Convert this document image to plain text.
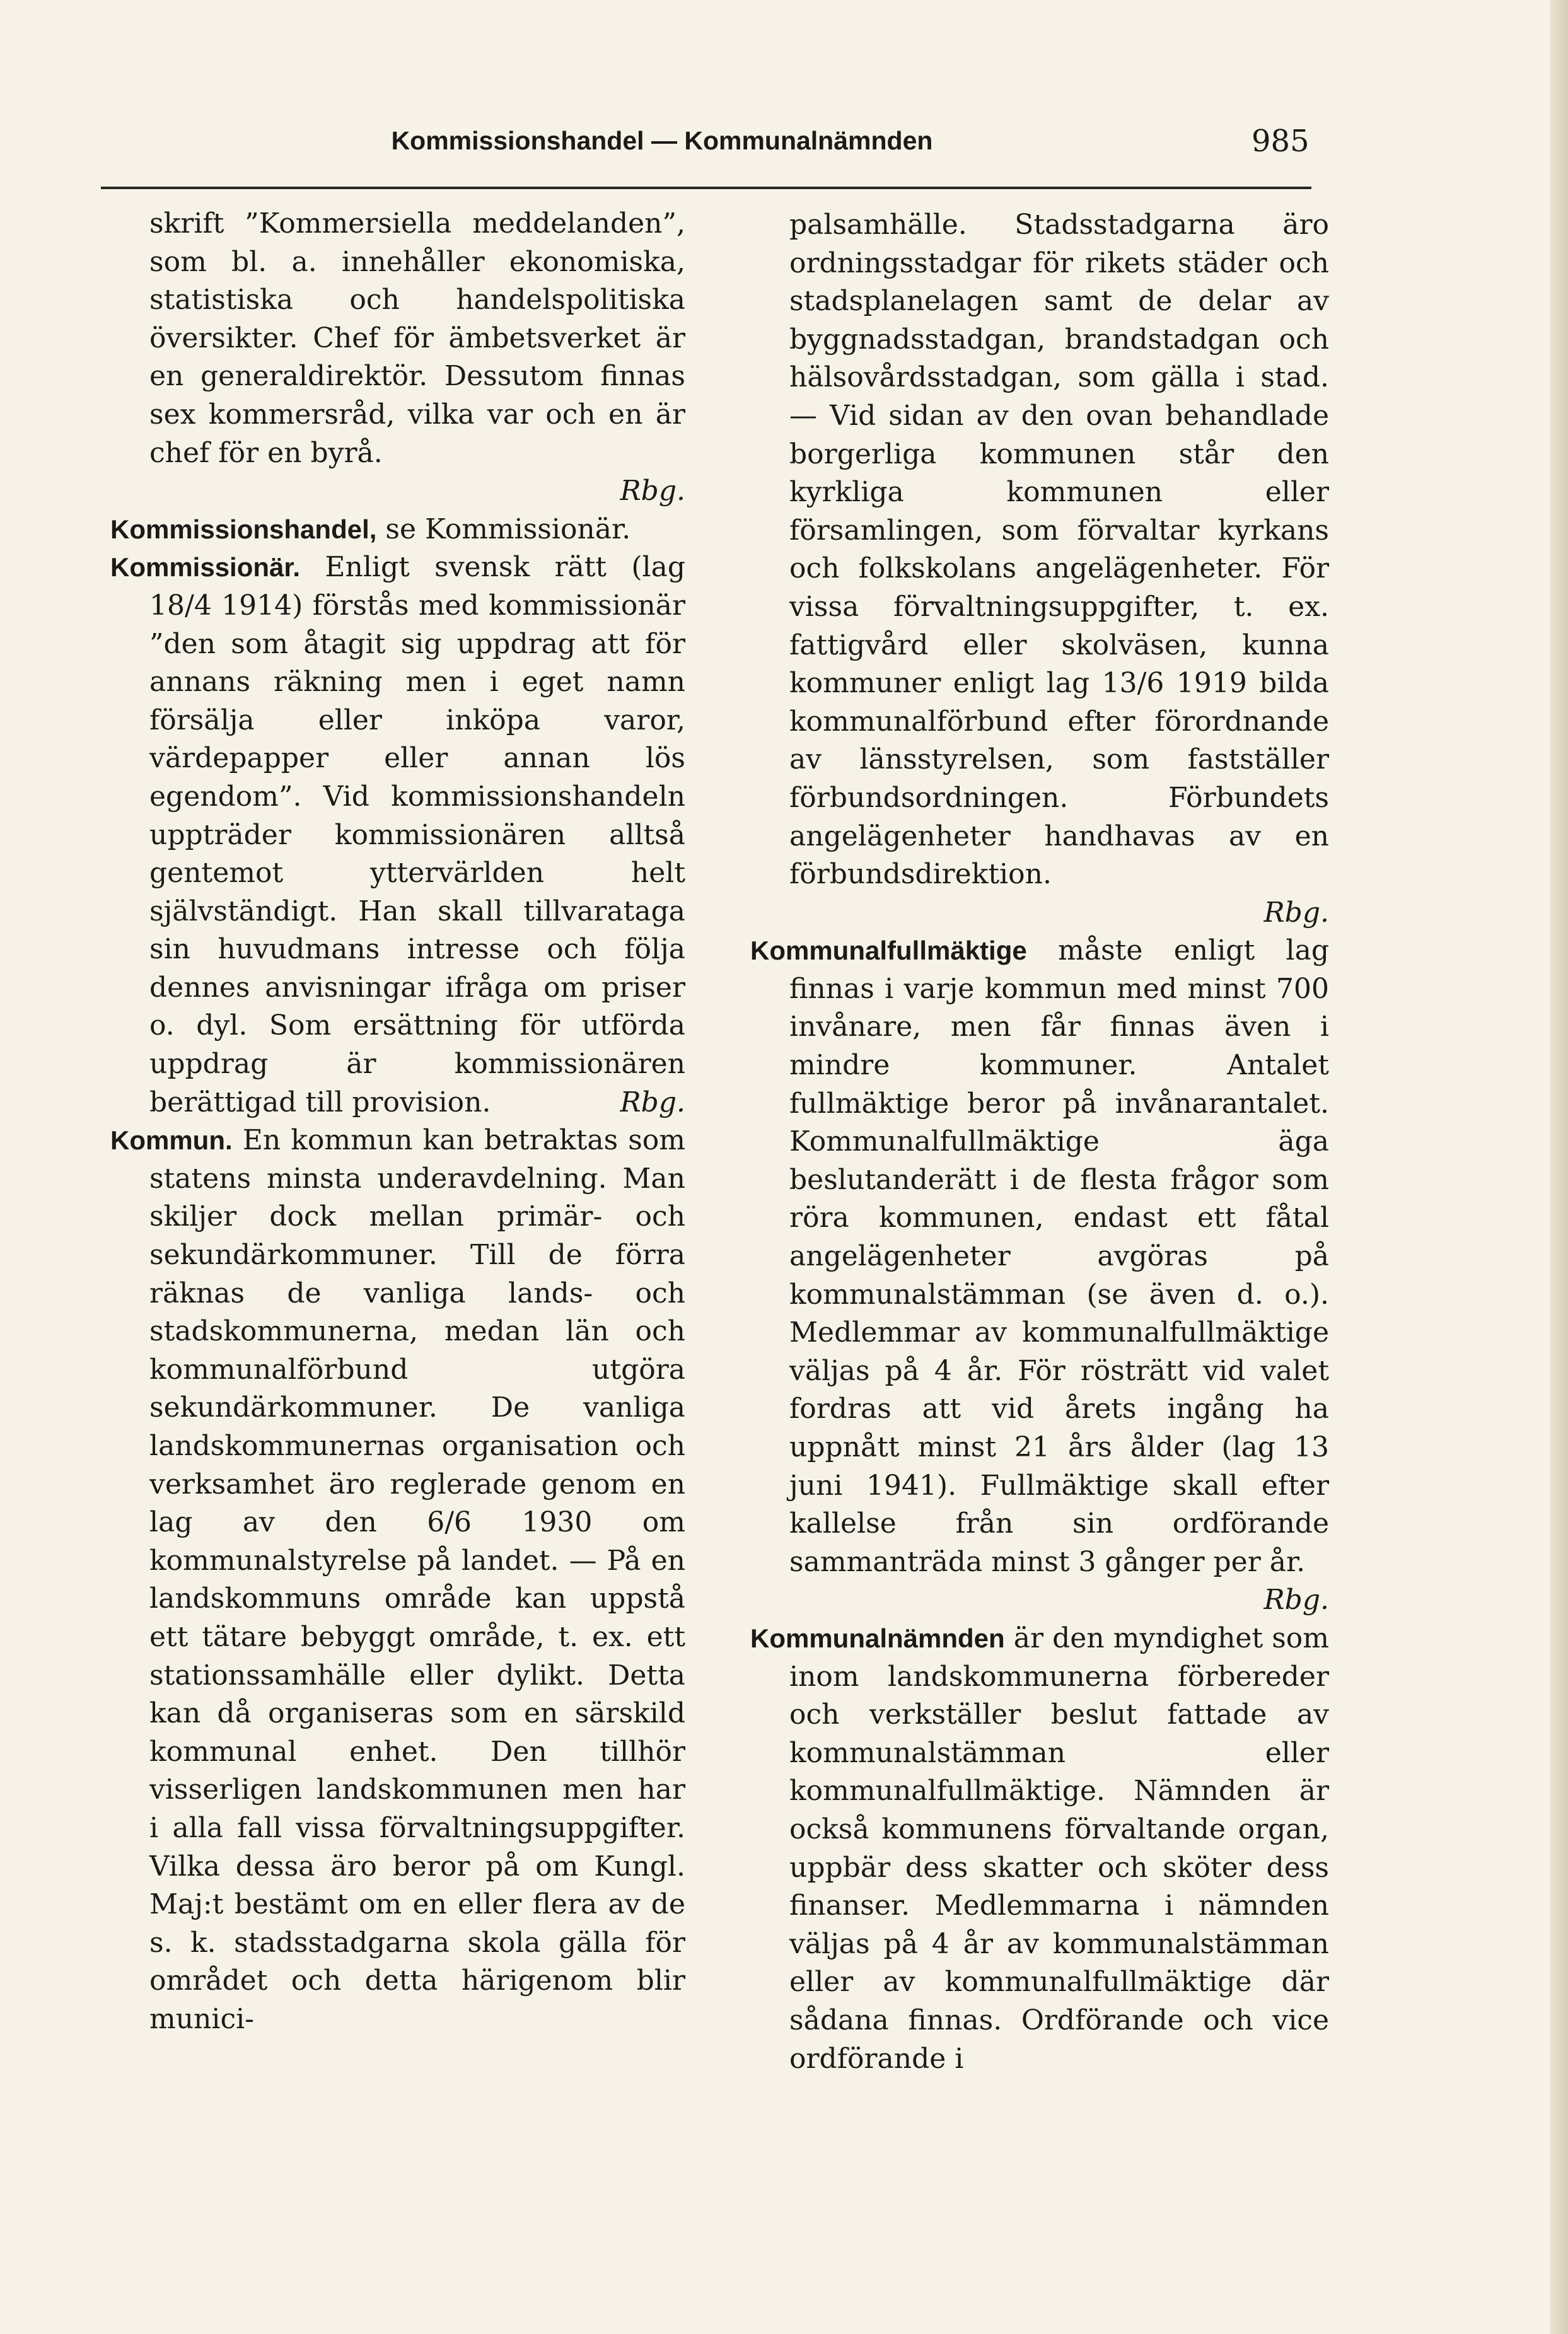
Kommissionshandel — Kommunalnämnden	985

skrift ”Kommersiella meddelanden”, som bl. a. innehåller ekonomiska, statistiska och handelspolitiska översikter. Chef för ämbetsverket är en generaldirektör. Dessutom finnas sex kommersråd, vilka var och en är chef för en byrå.
Rbg.

Kommissionshandel, se Kommissionär.

Kommissionär. Enligt svensk rätt (lag 18/4 1914) förstås med kommissionär ”den som åtagit sig uppdrag att för annans räkning men i eget namn försälja eller inköpa varor, värdepapper eller annan lös egendom”. Vid kommissionshandeln uppträder kommissionären alltså gentemot yttervärlden helt självständigt. Han skall tillvarataga sin huvudmans intresse och följa dennes anvisningar ifråga om priser o. dyl. Som ersättning för utförda uppdrag är kommissionären berättigad till provision.	Rbg.

Kommun. En kommun kan betraktas som statens minsta underavdelning. Man skiljer dock mellan primär- och sekundärkommuner. Till de förra räknas de vanliga lands- och stadskommunerna, medan län och kommunalförbund utgöra sekundärkommuner. De vanliga landskommunernas organisation och verksamhet äro reglerade genom en lag av den 6/6 1930 om kommunalstyrelse på landet. — På en landskommuns område kan uppstå ett tätare bebyggt område, t. ex. ett stationssamhälle eller dylikt. Detta kan då organiseras som en särskild kommunal enhet. Den tillhör visserligen landskommunen men har i alla fall vissa förvaltningsuppgifter. Vilka dessa äro beror på om Kungl. Maj:t bestämt om en eller flera av de s. k. stadsstadgarna skola gälla för området och detta härigenom blir munici-

palsamhälle. Stadsstadgarna äro ordningsstadgar för rikets städer och stadsplanelagen samt de delar av byggnadsstadgan, brandstadgan och hälsovårdsstadgan, som gälla i stad. — Vid sidan av den ovan behandlade borgerliga kommunen står den kyrkliga kommunen eller församlingen, som förvaltar kyrkans och folkskolans angelägenheter. För vissa förvaltningsuppgifter, t. ex. fattigvård eller skolväsen, kunna kommuner enligt lag 13/6 1919 bilda kommunalförbund efter förordnande av länsstyrelsen, som fastställer förbundsordningen. Förbundets angelägenheter handhavas av en förbundsdirektion.
Rbg.

Kommunalfullmäktige måste enligt lag finnas i varje kommun med minst 700 invånare, men får finnas även i mindre kommuner. Antalet fullmäktige beror på invånarantalet. Kommunalfullmäktige äga beslutanderätt i de flesta frågor som röra kommunen, endast ett fåtal angelägenheter avgöras på kommunalstämman (se även d. o.). Medlemmar av kommunalfullmäktige väljas på 4 år. För rösträtt vid valet fordras att vid årets ingång ha uppnått minst 21 års ålder (lag 13 juni 1941). Fullmäktige skall efter kallelse från sin ordförande sammanträda minst 3 gånger per år.
Rbg.

Kommunalnämnden är den myndighet som inom landskommunerna förbereder och verkställer beslut fattade av kommunalstämman eller kommunalfullmäktige. Nämnden är också kommunens förvaltande organ, uppbär dess skatter och sköter dess finanser. Medlemmarna i nämnden väljas på 4 år av kommunalstämman eller av kommunalfullmäktige där sådana finnas. Ordförande och vice ordförande i
